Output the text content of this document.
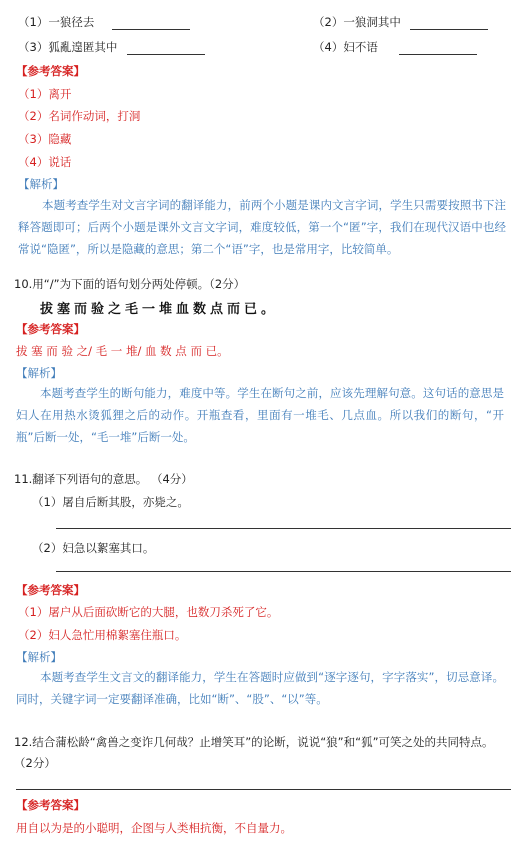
（1）一狼径去	（2）一狼洞其中
（3）狐亂遑匿其中	（4）妇不语
【参考答案】
（1）离开
（2）名词作动词，打洞
（3）隐藏
（4）说话
【解析】
本题考查学生对文言字词的翻译能力，前两个小题是课内文言字词，学生只需要按照书下注释答题即可；后两个小题是课外文言文字词，难度较低，第一个“匿”字，我们在现代汉语中也经常说“隐匿”，所以是隐藏的意思；第二个“语”字，也是常用字，比较简单。
10.用“/”为下面的语句划分两处停顿。（2分）
拔塞而验之毛一堆血数点而已。
【参考答案】
拔 塞 而 验 之/ 毛 一 堆/ 血 数 点 而 已。
【解析】
本题考查学生的断句能力，难度中等。学生在断句之前，应该先理解句意。这句话的意思是妇人在用热水烫狐狸之后的动作。开瓶查看，里面有一堆毛、几点血。所以我们的断句，“开瓶”后断一处，“毛一堆”后断一处。
11.翻译下列语句的意思。 （4分）
（1）屠自后断其股，亦毙之。
（2）妇急以絮塞其口。
【参考答案】
（1）屠户从后面砍断它的大腿，也数刀杀死了它。
（2）妇人急忙用棉絮塞住瓶口。
【解析】
本题考查学生文言文的翻译能力，学生在答题时应做到“逐字逐句，字字落实”，切忌意译。同时，关键字词一定要翻译准确，比如“断”、“股”、“以”等。
12.结合蒲松龄“禽兽之变诈几何哉？止增笑耳”的论断，说说“狼”和“狐”可笑之处的共同特点。 （2分）
【参考答案】
用自以为是的小聪明，企图与人类相抗衡，不自量力。
